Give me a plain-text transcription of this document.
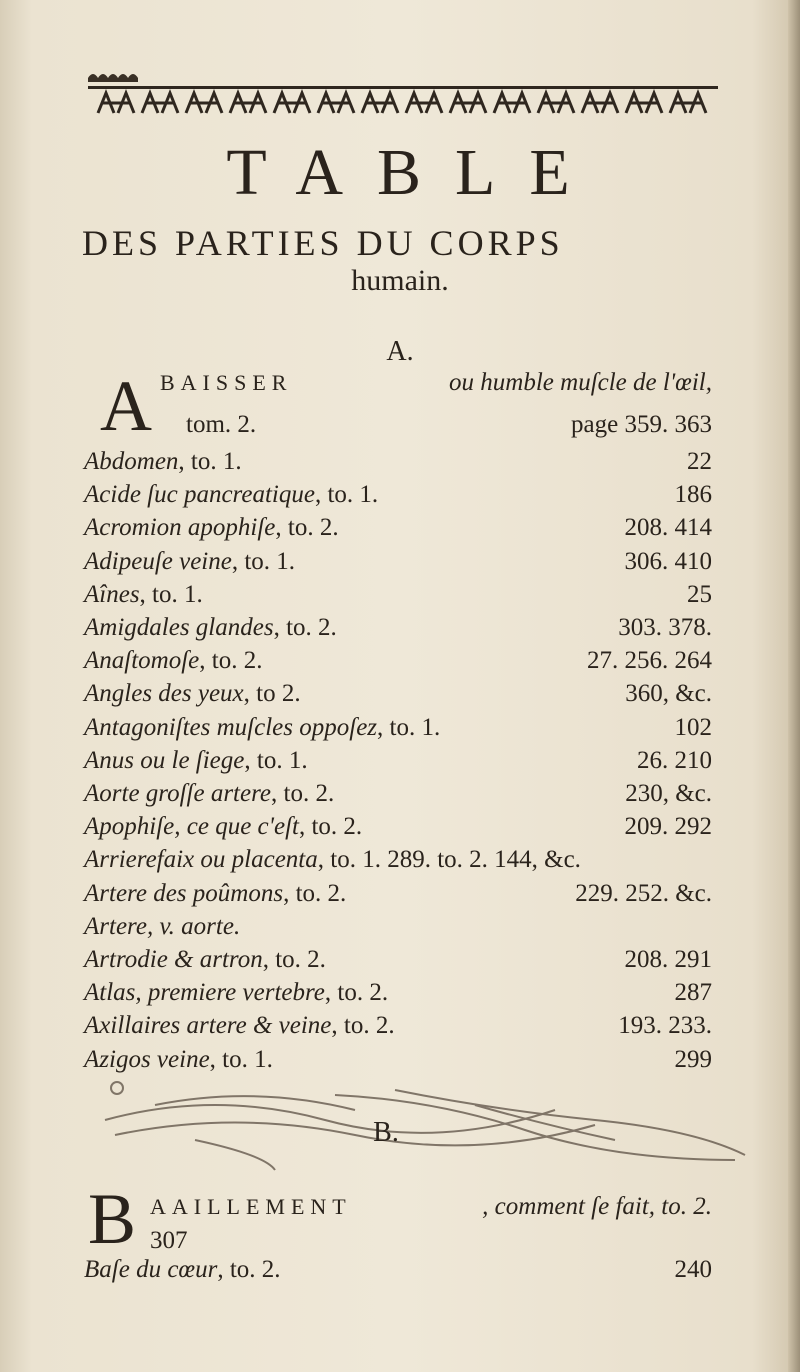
TABLE
DES PARTIES DU CORPS
humain.
A.
A BAISSER	ou humble muſcle de l'œil,
tom. 2.	page 359. 363
Abdomen, to. 1.	22
Acide ſuc pancreatique, to. 1.	186
Acromion apophiſe, to. 2.	208. 414
Adipeuſe veine, to. 1.	306. 410
Aînes, to. 1.	25
Amigdales glandes, to. 2.	303. 378.
Anaſtomoſe, to. 2.	27. 256. 264
Angles des yeux, to 2.	360, &c.
Antagoniſtes muſcles oppoſez, to. 1.	102
Anus ou le ſiege, to. 1.	26. 210
Aorte groſſe artere, to. 2.	230, &c.
Apophiſe, ce que c'eſt, to. 2.	209. 292
Arrierefaix ou placenta, to. 1. 289. to. 2. 144, &c.
Artere des poûmons, to. 2.	229. 252. &c.
Artere, v. aorte.
Artrodie & artron, to. 2.	208. 291
Atlas, premiere vertebre, to. 2.	287
Axillaires artere & veine, to. 2.	193. 233.
Azigos veine, to. 1.	299
B.
B AAILLEMENT	, comment ſe fait, to. 2.
307
Baſe du cœur, to. 2.	240
